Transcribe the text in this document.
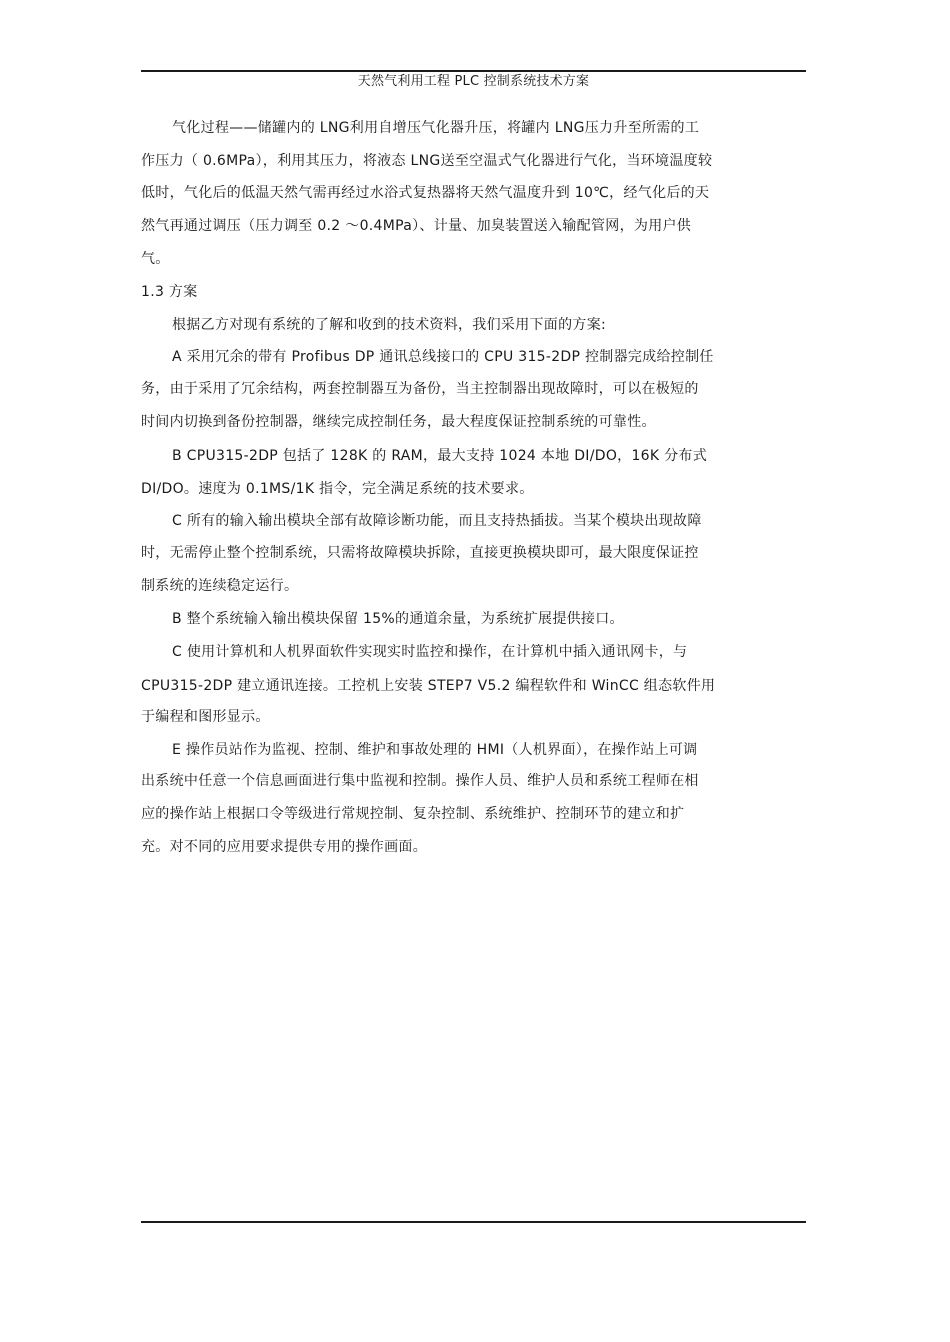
天然气利用工程 PLC 控制系统技术方案
气化过程——储罐内的 LNG利用自增压气化器升压，将罐内 LNG压力升至所需的工
作压力（ 0.6MPa），利用其压力，将液态 LNG送至空温式气化器进行气化，当环境温度较
低时，气化后的低温天然气需再经过水浴式复热器将天然气温度升到 10℃，经气化后的天
然气再通过调压（压力调至 0.2 ～0.4MPa）、计量、加臭装置送入输配管网，为用户供
气。
1.3 方案
根据乙方对现有系统的了解和收到的技术资料，我们采用下面的方案:
A 采用冗余的带有 Profibus DP 通讯总线接口的 CPU 315-2DP 控制器完成给控制任
务，由于采用了冗余结构，两套控制器互为备份，当主控制器出现故障时，可以在极短的
时间内切换到备份控制器，继续完成控制任务，最大程度保证控制系统的可靠性。
B CPU315-2DP 包括了 128K 的 RAM，最大支持 1024 本地 DI/DO，16K 分布式
DI/DO。速度为 0.1MS/1K 指令，完全满足系统的技术要求。
C 所有的输入输出模块全部有故障诊断功能，而且支持热插拔。当某个模块出现故障
时，无需停止整个控制系统，只需将故障模块拆除，直接更换模块即可，最大限度保证控
制系统的连续稳定运行。
B 整个系统输入输出模块保留 15%的通道余量，为系统扩展提供接口。
C 使用计算机和人机界面软件实现实时监控和操作，在计算机中插入通讯网卡，与
CPU315-2DP 建立通讯连接。工控机上安装 STEP7 V5.2 编程软件和 WinCC 组态软件用
于编程和图形显示。
E 操作员站作为监视、控制、维护和事故处理的 HMI（人机界面），在操作站上可调
出系统中任意一个信息画面进行集中监视和控制。操作人员、维护人员和系统工程师在相
应的操作站上根据口令等级进行常规控制、复杂控制、系统维护、控制环节的建立和扩
充。对不同的应用要求提供专用的操作画面。
